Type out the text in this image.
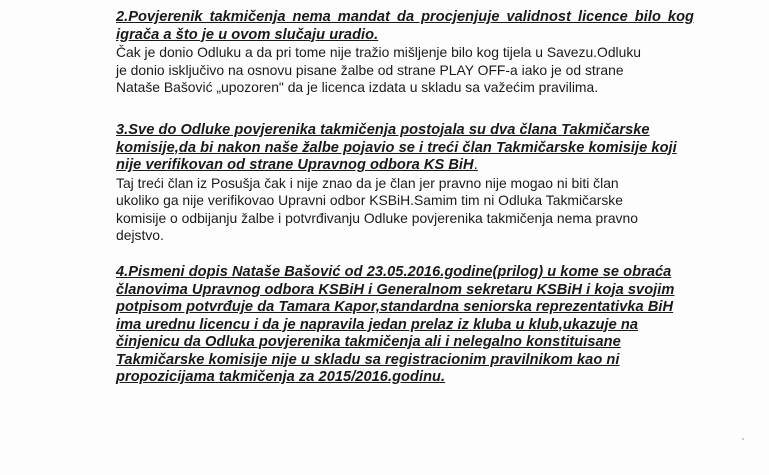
2.Povjerenik takmičenja nema mandat da procjenjuje validnost licence bilo kog
igrača a što je u ovom slučaju uradio.

Čak je donio Odluku a da pri tome nije tražio mišljenje bilo kog tijela u Savezu.Odluku
je donio isključivo na osnovu pisane žalbe od strane PLAY OFF-a iako je od strane
Nataše Bašović „upozoren" da je licenca izdata u skladu sa važećim pravilima.

3.Sve do Odluke povjerenika takmičenja postojala su dva člana Takmičarske
komisije,da bi nakon naše žalbe pojavio se i treći član Takmičarske komisije koji
nije verifikovan od strane Upravnog odbora KS BiH.

Taj treći član iz Posušja čak i nije znao da je član jer pravno nije mogao ni biti član
ukoliko ga nije verifikovao Upravni odbor KSBiH.Samim tim ni Odluka Takmičarske
komisije o odbijanju žalbe i potvrđivanju Odluke povjerenika takmičenja nema pravno
dejstvo.

4.Pismeni dopis Nataše Bašović od 23.05.2016.godine(prilog) u kome se obraća
članovima Upravnog odbora KSBiH i Generalnom sekretaru KSBiH i koja svojim
potpisom potvrđuje da Tamara Kapor,standardna seniorska reprezentativka BiH
ima urednu licencu i da je napravila jedan prelaz iz kluba u klub,ukazuje na
činjenicu da Odluka povjerenika takmičenja ali i nelegalno konstituisane
Takmičarske komisije nije u skladu sa registracionim pravilnikom kao ni
propozicijama takmičenja za 2015/2016.godinu.
